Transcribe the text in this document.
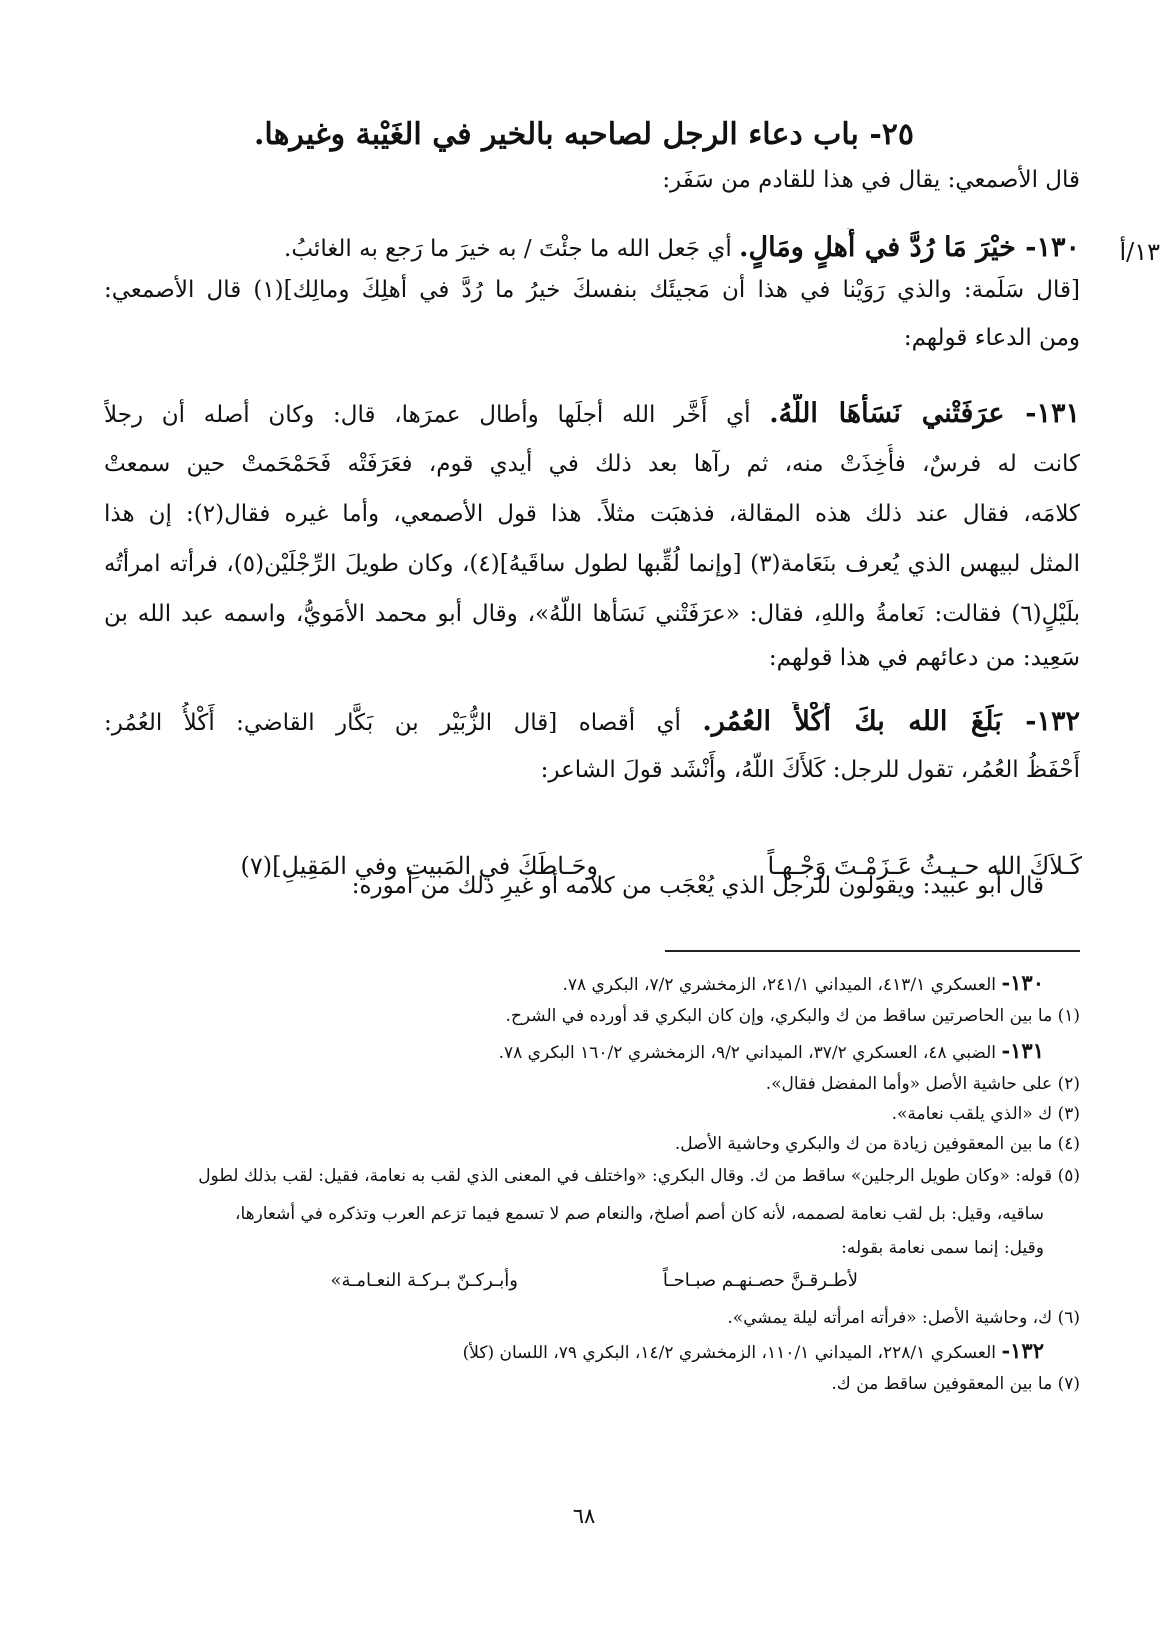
٢٥- باب دعاء الرجل لصاحبه بالخير في الغَيْبة وغيرها.
١٣/أ
قال الأصمعي: يقال في هذا للقادم من سَفَر:
١٣٠- خيْرَ مَا رُدَّ في أَهلٍ ومَالٍ. أي جَعل الله ما جئْتَ / به خيرَ ما رَجع به الغائبُ.
[قال سَلَمة: والذي رَوَيْنا في هذا أن مَجيئَك بنفسكَ خيرُ ما رُدَّ في أهلِكَ ومالِك](١) قال الأصمعي:
ومن الدعاء قولهم:
١٣١- عرَفَتْني نَسَأَهَا اللّهُ. أي أَخَّر الله أجلَها وأطال عمرَها، قال: وكان أصله أن رجلاً
كانت له فرسٌ، فأُخِذَتْ منه، ثم رآها بعد ذلك في أيدي قوم، فعَرَفَتْه فَحَمْحَمتْ حين سمعتْ
كلامَه، فقال عند ذلك هذه المقالة، فذهبَت مثلاً. هذا قول الأصمعي، وأما غيره فقال(٢): إن هذا
المثل لبيهس الذي يُعرف بنَعَامة(٣) [وإنما لُقِّبها لطول ساقَيهُ](٤)، وكان طويلَ الرِّجْلَيْن(٥)، فرأته امرأتُه
بلَيْلٍ(٦) فقالت: نَعامةُ واللهِ، فقال: «عرَفَتْني نَسَأها اللّهُ»، وقال أبو محمد الأمَويُّ، واسمه عبد الله بن
سَعِيد: من دعائهم في هذا قولهم:
١٣٢- بَلَغَ الله بكَ أَكْلأَ العُمُر. أي أقصاه [قال الزُّبَيْر بن بَكَّار القاضي: أَكْلأُ العُمُر:
أَحْفَظُ العُمُر، تقول للرجل: كَلأَكَ اللّهُ، وأَنْشَد قولَ الشاعر:
كَـلاَكَ الله حـيـثُ عَـزَمْـتَ وَجْـهـاً
وحَـاطَكَ في المَبيتِ وفي المَقِيلِ](٧)
قال أبو عبيد: ويقولون للرجل الذي يُعْجَب من كلامه أو غيرِ ذلك من أموره:
١٣٠- العسكري ٤١٣/١، الميداني ٢٤١/١، الزمخشري ٧/٢، البكري ٧٨.
(١) ما بين الحاصرتين ساقط من ك والبكري، وإن كان البكري قد أورده في الشرح.
١٣١- الضبي ٤٨، العسكري ٣٧/٢، الميداني ٩/٢، الزمخشري ١٦٠/٢ البكري ٧٨.
(٢) على حاشية الأصل «وأما المفضل فقال».
(٣) ك «الذي يلقب نعامة».
(٤) ما بين المعقوفين زيادة من ك والبكري وحاشية الأصل.
(٥) قوله: «وكان طويل الرجلين» ساقط من ك. وقال البكري: «واختلف في المعنى الذي لقب به نعامة، فقيل: لقب بذلك لطول
ساقيه، وقيل: بل لقب نعامة لصممه، لأنه كان أصم أصلخ، والنعام صم لا تسمع فيما تزعم العرب وتذكره في أشعارها،
وقيل: إنما سمى نعامة بقوله:
لأطـرقـنَّ حصـنهـم صبـاحـاً
وأبـركـنّ بـركـة النعـامـة»
(٦) ك، وحاشية الأصل: «فرأته امرأته ليلة يمشي».
١٣٢- العسكري ٢٢٨/١، الميداني ١١٠/١، الزمخشري ١٤/٢، البكري ٧٩، اللسان (كلأ)
(٧) ما بين المعقوفين ساقط من ك.
٦٨
